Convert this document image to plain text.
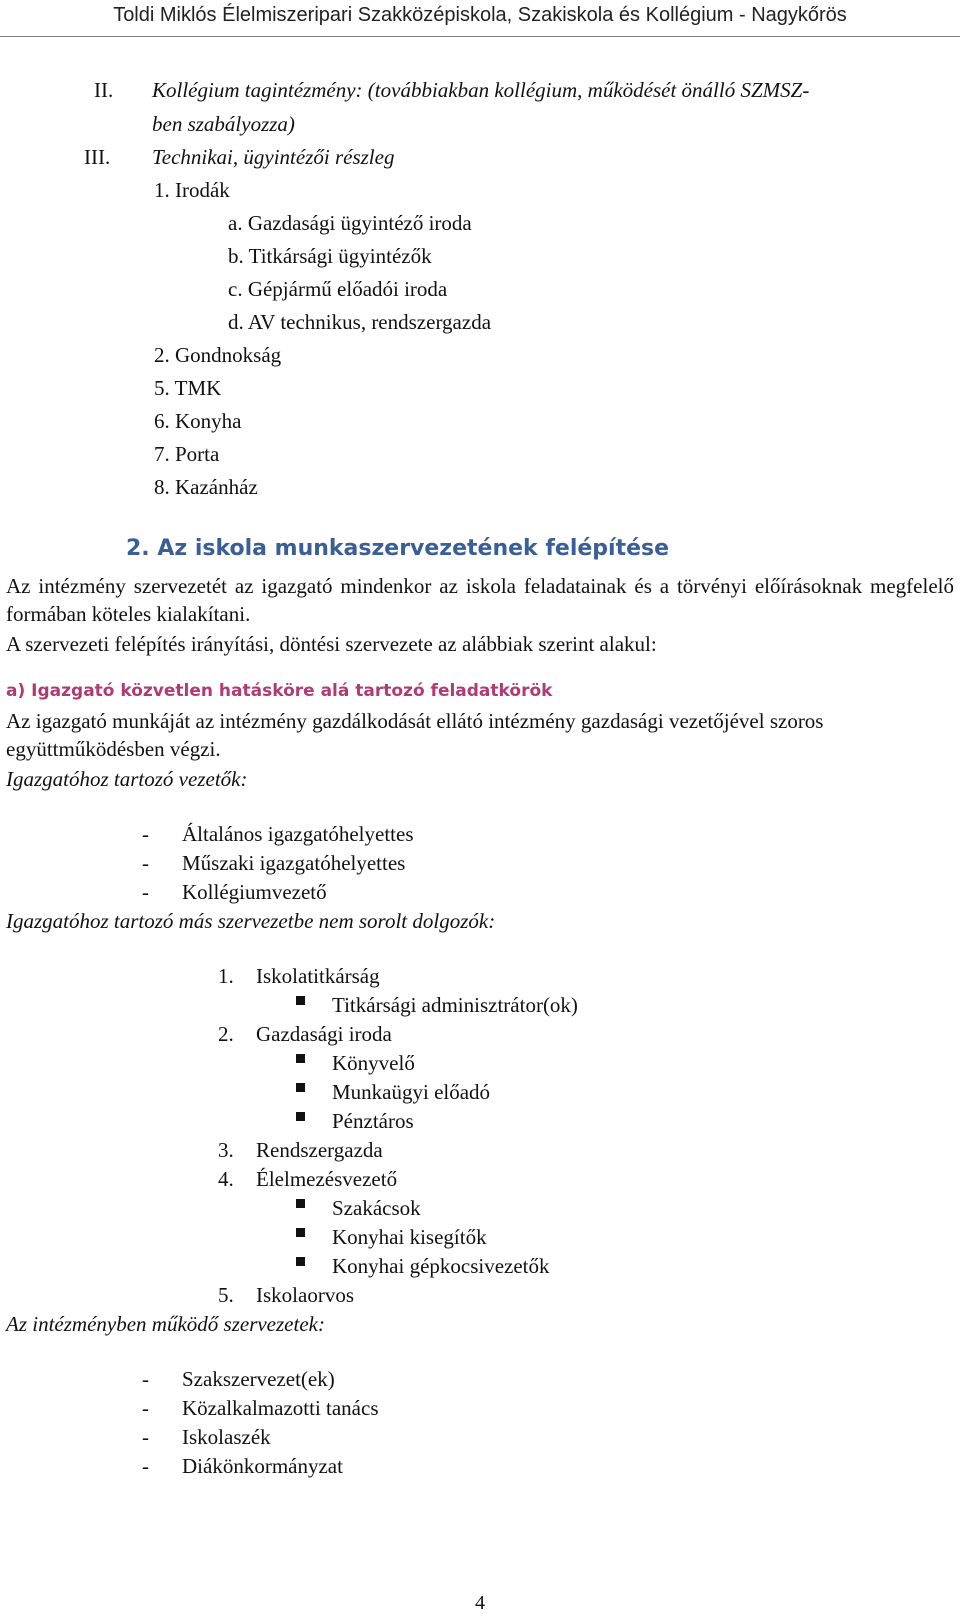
Toldi Miklós Élelmiszeripari Szakközépiskola, Szakiskola és Kollégium - Nagykőrös
II. Kollégium tagintézmény: (továbbiakban kollégium, működését önálló SZMSZ-
ben szabályozza)
III. Technikai, ügyintézői részleg
1. Irodák
a. Gazdasági ügyintéző iroda
b. Titkársági ügyintézők
c. Gépjármű előadói iroda
d. AV technikus, rendszergazda
2. Gondnokság
5. TMK
6. Konyha
7. Porta
8. Kazánház
2. Az iskola munkaszervezetének felépítése
Az intézmény szervezetét az igazgató mindenkor az iskola feladatainak és a törvényi előírásoknak megfelelő formában köteles kialakítani.
A szervezeti felépítés irányítási, döntési szervezete az alábbiak szerint alakul:
a) Igazgató közvetlen hatásköre alá tartozó feladatkörök
Az igazgató munkáját az intézmény gazdálkodását ellátó intézmény gazdasági vezetőjével szoros együttműködésben végzi.
Igazgatóhoz tartozó vezetők:
- Általános igazgatóhelyettes
- Műszaki igazgatóhelyettes
- Kollégiumvezető
Igazgatóhoz tartozó más szervezetbe nem sorolt dolgozók:
1. Iskolatitkárság
Titkársági adminisztrátor(ok)
2. Gazdasági iroda
Könyvelő
Munkaügyi előadó
Pénztáros
3. Rendszergazda
4. Élelmezésvezető
Szakácsok
Konyhai kisegítők
Konyhai gépkocsivezetők
5. Iskolaorvos
Az intézményben működő szervezetek:
- Szakszervezet(ek)
- Közalkalmazotti tanács
- Iskolaszék
- Diákönkormányzat
4
